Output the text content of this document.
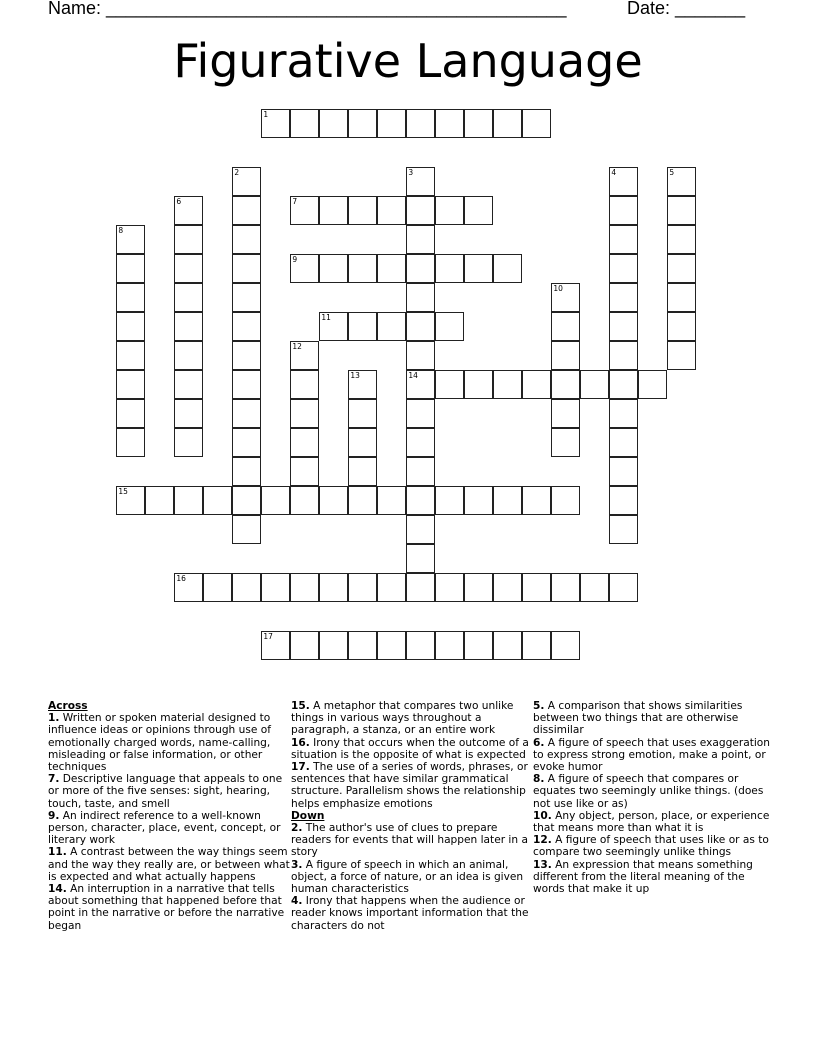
Name: ______________________________________________	Date: _______
Figurative Language
1
2	3
14
4	5
6	7
8
9
10
11
12
13
15
16
17
Across
1. Written or spoken material designed to influence ideas or opinions through use of emotionally charged words, name-calling, misleading or false information, or other techniques
7. Descriptive language that appeals to one or more of the five senses: sight, hearing, touch, taste, and smell
9. An indirect reference to a well-known person, character, place, event, concept, or literary work
11. A contrast between the way things seem and the way they really are, or between what is expected and what actually happens
14. An interruption in a narrative that tells about something that happened before that point in the narrative or before the narrative began
15. A metaphor that compares two unlike things in various ways throughout a paragraph, a stanza, or an entire work
16. Irony that occurs when the outcome of a situation is the opposite of what is expected
17. The use of a series of words, phrases, or sentences that have similar grammatical structure. Parallelism shows the relationship helps emphasize emotions
Down
2. The author's use of clues to prepare readers for events that will happen later in a story
3. A figure of speech in which an animal, object, a force of nature, or an idea is given human characteristics
4. Irony that happens when the audience or reader knows important information that the characters do not
5. A comparison that shows similarities between two things that are otherwise dissimilar
6. A figure of speech that uses exaggeration to express strong emotion, make a point, or evoke humor
8. A figure of speech that compares or equates two seemingly unlike things. (does not use like or as)
10. Any object, person, place, or experience that means more than what it is
12. A figure of speech that uses like or as to compare two seemingly unlike things
13. An expression that means something different from the literal meaning of the words that make it up
